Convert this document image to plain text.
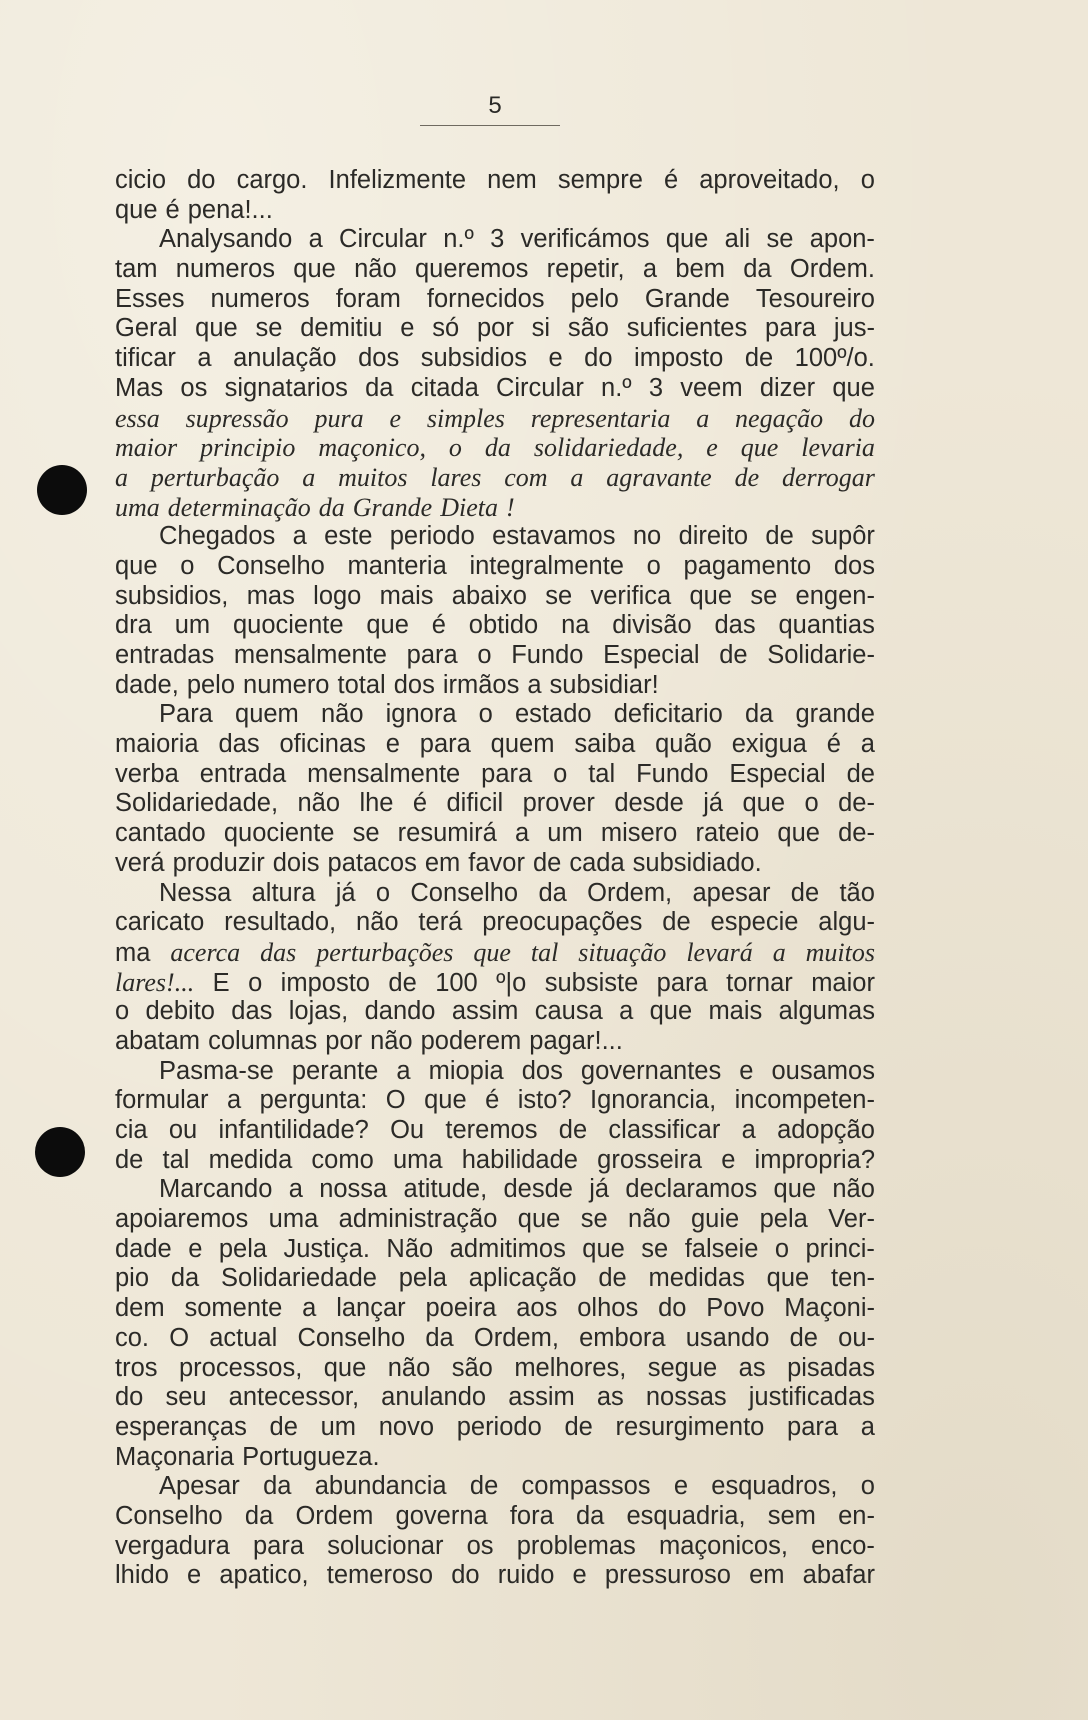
5
cicio do cargo. Infelizmente nem sempre é aproveitado, o
que é pena!...
Analysando a Circular n.º 3 verificámos que ali se apon-
tam numeros que não queremos repetir, a bem da Ordem.
Esses numeros foram fornecidos pelo Grande Tesoureiro
Geral que se demitiu e só por si são suficientes para jus-
tificar a anulação dos subsidios e do imposto de 100º/o.
Mas os signatarios da citada Circular n.º 3 veem dizer que
essa supressão pura e simples representaria a negação do
maior principio maçonico, o da solidariedade, e que levaria
a perturbação a muitos lares com a agravante de derrogar
uma determinação da Grande Dieta !
Chegados a este periodo estavamos no direito de supôr
que o Conselho manteria integralmente o pagamento dos
subsidios, mas logo mais abaixo se verifica que se engen-
dra um quociente que é obtido na divisão das quantias
entradas mensalmente para o Fundo Especial de Solidarie-
dade, pelo numero total dos irmãos a subsidiar!
Para quem não ignora o estado deficitario da grande
maioria das oficinas e para quem saiba quão exigua é a
verba entrada mensalmente para o tal Fundo Especial de
Solidariedade, não lhe é dificil prover desde já que o de-
cantado quociente se resumirá a um misero rateio que de-
verá produzir dois patacos em favor de cada subsidiado.
Nessa altura já o Conselho da Ordem, apesar de tão
caricato resultado, não terá preocupações de especie algu-
ma acerca das perturbações que tal situação levará a muitos
lares!... E o imposto de 100 º|o subsiste para tornar maior
o debito das lojas, dando assim causa a que mais algumas
abatam columnas por não poderem pagar!...
Pasma-se perante a miopia dos governantes e ousamos
formular a pergunta: O que é isto? Ignorancia, incompeten-
cia ou infantilidade? Ou teremos de classificar a adopção
de tal medida como uma habilidade grosseira e impropria?
Marcando a nossa atitude, desde já declaramos que não
apoiaremos uma administração que se não guie pela Ver-
dade e pela Justiça. Não admitimos que se falseie o princi-
pio da Solidariedade pela aplicação de medidas que ten-
dem somente a lançar poeira aos olhos do Povo Maçoni-
co. O actual Conselho da Ordem, embora usando de ou-
tros processos, que não são melhores, segue as pisadas
do seu antecessor, anulando assim as nossas justificadas
esperanças de um novo periodo de resurgimento para a
Maçonaria Portugueza.
Apesar da abundancia de compassos e esquadros, o
Conselho da Ordem governa fora da esquadria, sem en-
vergadura para solucionar os problemas maçonicos, enco-
lhido e apatico, temeroso do ruido e pressuroso em abafar
